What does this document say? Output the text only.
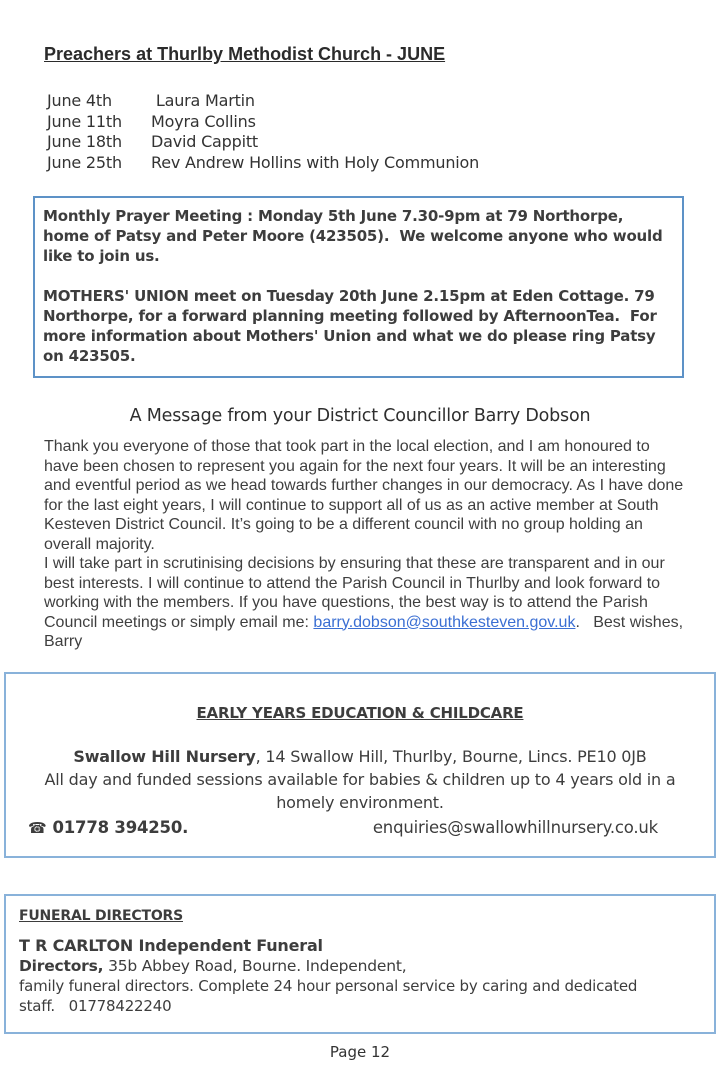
Preachers at Thurlby Methodist Church - JUNE
June 4th	Laura Martin
June 11th	Moyra Collins
June 18th	David Cappitt
June 25th	Rev Andrew Hollins with Holy Communion

Monthly Prayer Meeting : Monday 5th June 7.30-9pm at 79 Northorpe, home of Patsy and Peter Moore (423505).  We welcome anyone who would like to join us.

MOTHERS' UNION meet on Tuesday 20th June 2.15pm at Eden Cottage. 79 Northorpe, for a forward planning meeting followed by AfternoonTea.  For more information about Mothers' Union and what we do please ring Patsy on 423505.

A Message from your District Councillor Barry Dobson
Thank you everyone of those that took part in the local election, and I am honoured to have been chosen to represent you again for the next four years. It will be an interesting and eventful period as we head towards further changes in our democracy. As I have done for the last eight years, I will continue to support all of us as an active member at South Kesteven District Council. It’s going to be a different council with no group holding an overall majority.
I will take part in scrutinising decisions by ensuring that these are transparent and in our best interests. I will continue to attend the Parish Council in Thurlby and look forward to working with the members. If you have questions, the best way is to attend the Parish Council meetings or simply email me: barry.dobson@southkesteven.gov.uk.   Best wishes, Barry
EARLY YEARS EDUCATION & CHILDCARE

Swallow Hill Nursery, 14 Swallow Hill, Thurlby, Bourne, Lincs. PE10 0JB

All day and funded sessions available for babies & children up to 4 years old in a homely environment.

☎ 01778 394250.	enquiries@swallowhillnursery.co.uk
FUNERAL DIRECTORS

T R CARLTON Independent Funeral

Directors, 35b Abbey Road, Bourne. Independent,

family funeral directors. Complete 24 hour personal service by caring and dedicated

staff.   01778422240

Page 12
